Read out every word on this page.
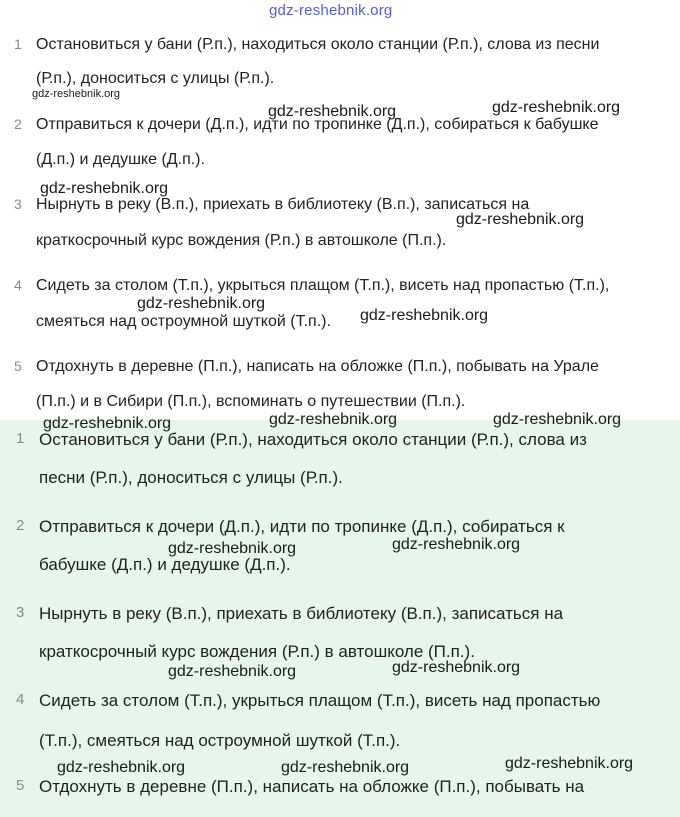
gdz-reshebnik.org
1 Остановиться у бани (Р.п.), находиться около станции (Р.п.), слова из песни
(Р.п.), доноситься с улицы (Р.п.).
2 Отправиться к дочери (Д.п.), идти по тропинке (Д.п.), собираться к бабушке
(Д.п.) и дедушке (Д.п.).
3 Нырнуть в реку (В.п.), приехать в библиотеку (В.п.), записаться на
краткосрочный курс вождения (Р.п.) в автошколе (П.п.).
4 Сидеть за столом (Т.п.), укрыться плащом (Т.п.), висеть над пропастью (Т.п.),
смеяться над остроумной шуткой (Т.п.).
5 Отдохнуть в деревне (П.п.), написать на обложке (П.п.), побывать на Урале
(П.п.) и в Сибири (П.п.), вспоминать о путешествии (П.п.).
1 Остановиться у бани (Р.п.), находиться около станции (Р.п.), слова из
песни (Р.п.), доноситься с улицы (Р.п.).
2 Отправиться к дочери (Д.п.), идти по тропинке (Д.п.), собираться к
бабушке (Д.п.) и дедушке (Д.п.).
3 Нырнуть в реку (В.п.), приехать в библиотеку (В.п.), записаться на
краткосрочный курс вождения (Р.п.) в автошколе (П.п.).
4 Сидеть за столом (Т.п.), укрыться плащом (Т.п.), висеть над пропастью
(Т.п.), смеяться над остроумной шуткой (Т.п.).
5 Отдохнуть в деревне (П.п.), написать на обложке (П.п.), побывать на
gdz-reshebnik.org
gdz-reshebnik.org	gdz-reshebnik.org
gdz-reshebnik.org
gdz-reshebnik.org
gdz-reshebnik.org
gdz-reshebnik.org
gdz-reshebnik.org	gdz-reshebnik.org	gdz-reshebnik.org
gdz-reshebnik.org	gdz-reshebnik.org
gdz-reshebnik.org	gdz-reshebnik.org
gdz-reshebnik.org	gdz-reshebnik.org	gdz-reshebnik.org
